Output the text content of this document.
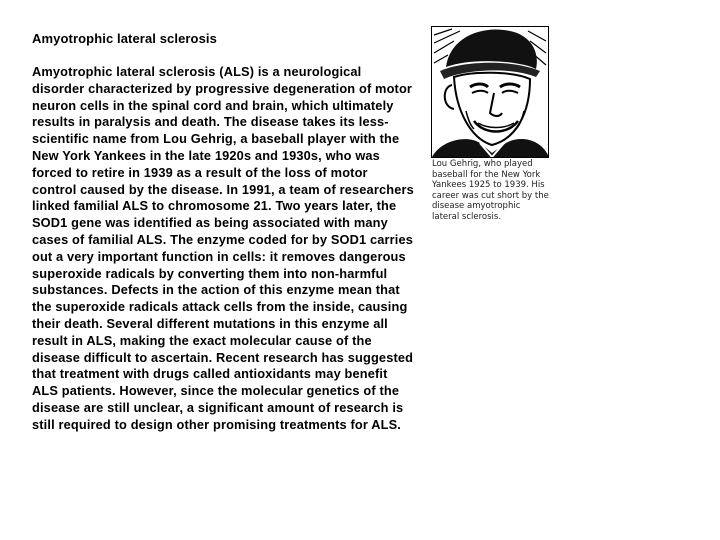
Amyotrophic lateral sclerosis
Amyotrophic lateral sclerosis (ALS) is a neurological disorder characterized by progressive degeneration of motor neuron cells in the spinal cord and brain, which ultimately results in paralysis and death. The disease takes its less-scientific name from Lou Gehrig, a baseball player with the New York Yankees in the late 1920s and 1930s, who was forced to retire in 1939 as a result of the loss of motor control caused by the disease. In 1991, a team of researchers linked familial ALS to chromosome 21. Two years later, the SOD1 gene was identified as being associated with many cases of familial ALS. The enzyme coded for by SOD1 carries out a very important function in cells: it removes dangerous superoxide radicals by converting them into non-harmful substances. Defects in the action of this enzyme mean that the superoxide radicals attack cells from the inside, causing their death. Several different mutations in this enzyme all result in ALS, making the exact molecular cause of the disease difficult to ascertain. Recent research has suggested that treatment with drugs called antioxidants may benefit ALS patients. However, since the molecular genetics of the disease are still unclear, a significant amount of research is still required to design other promising treatments for ALS.
Lou Gehrig, who played baseball for the New York Yankees 1925 to 1939. His career was cut short by the disease amyotrophic lateral sclerosis.
